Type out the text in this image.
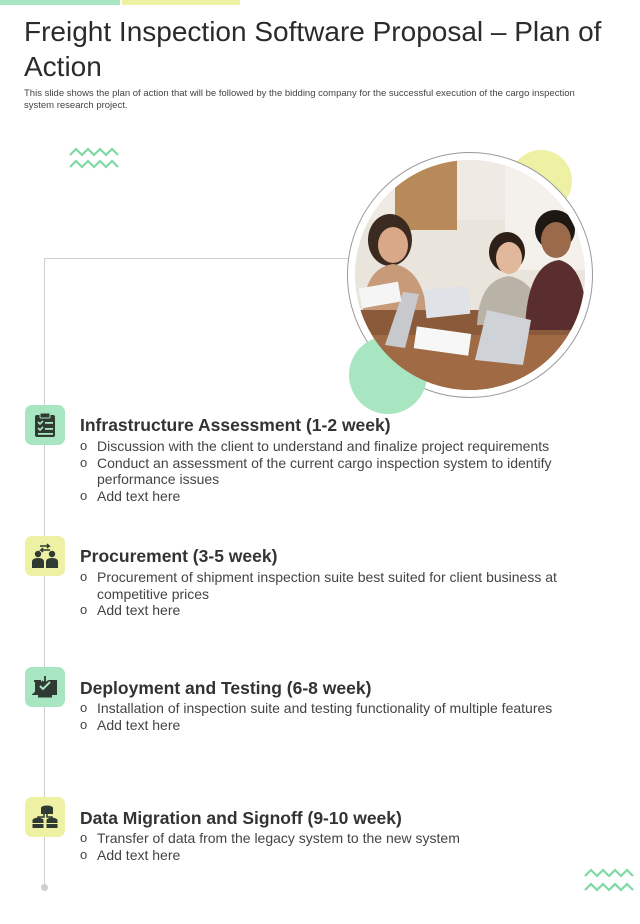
Freight Inspection Software Proposal – Plan of Action

This slide shows the plan of action that will be followed by the bidding company for the successful execution of the cargo inspection system research project.

Infrastructure Assessment (1-2 week)
o Discussion with the client to understand and finalize project requirements
o Conduct an assessment of the current cargo inspection system to identify performance issues
o Add text here
Procurement (3-5 week)
o Procurement of shipment inspection suite best suited for client business at competitive prices
o Add text here
Deployment and Testing (6-8 week)
o Installation of inspection suite and testing functionality of multiple features
o Add text here
Data Migration and Signoff (9-10 week)
o Transfer of data from the legacy system to the new system
o Add text here
